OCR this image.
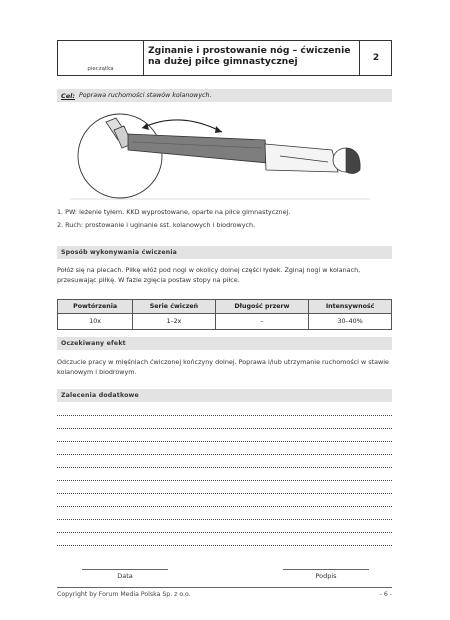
pieczątka
Zginanie i prostowanie nóg – ćwiczenie na dużej piłce gimnastycznej	2
Cel: Poprawa ruchomości stawów kolanowych.
1. PW: leżenie tyłem, KKD wyprostowane, oparte na piłce gimnastycznej.
2. Ruch: prostowanie i uginanie sst. kolanowych i biodrowych.
Sposób wykonywania ćwiczenia
Połóż się na plecach. Piłkę włóż pod nogi w okolicy dolnej części łydek. Zginaj nogi w kolanach, przesuwając piłkę. W fazie zgięcia postaw stopy na piłce.
Powtórzenia	Serie ćwiczeń	Długość przerw	Intensywność
10x	1–2x	–	30–40%
Oczekiwany efekt
Odczucie pracy w mięśniach ćwiczonej kończyny dolnej. Poprawa i/lub utrzymanie ruchomości w stawie kolanowym i biodrowym.
Zalecenia dodatkowe
Data	Podpis
Copyright by Forum Media Polska Sp. z o.o.	- 6 -
